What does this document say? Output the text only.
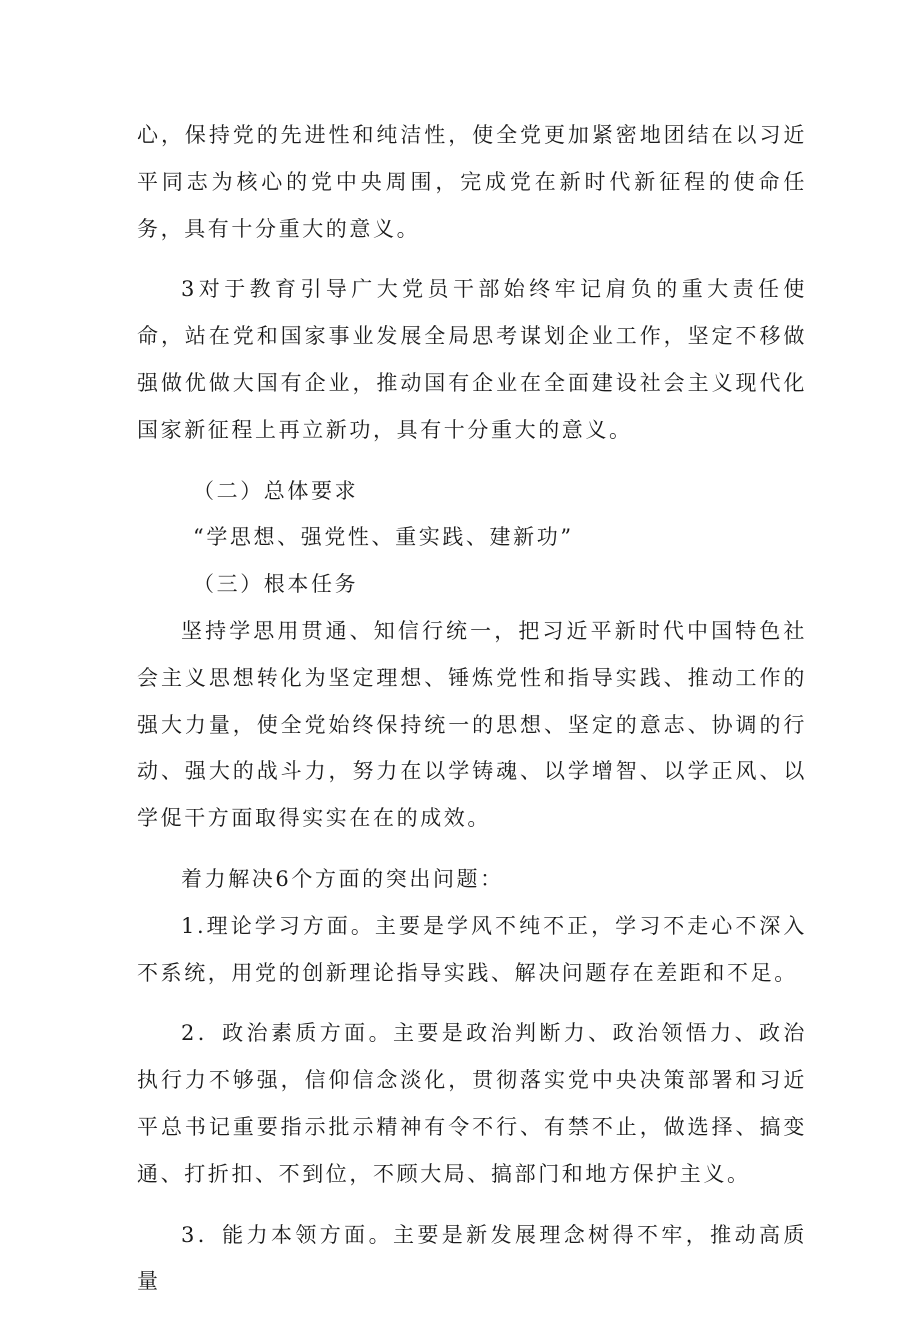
心，保持党的先进性和纯洁性，使全党更加紧密地团结在以习近平同志为核心的党中央周围，完成党在新时代新征程的使命任务，具有十分重大的意义。

3对于教育引导广大党员干部始终牢记肩负的重大责任使命，站在党和国家事业发展全局思考谋划企业工作，坚定不移做强做优做大国有企业，推动国有企业在全面建设社会主义现代化国家新征程上再立新功，具有十分重大的意义。

（二）总体要求

“学思想、强党性、重实践、建新功”

（三）根本任务

坚持学思用贯通、知信行统一，把习近平新时代中国特色社会主义思想转化为坚定理想、锤炼党性和指导实践、推动工作的强大力量，使全党始终保持统一的思想、坚定的意志、协调的行动、强大的战斗力，努力在以学铸魂、以学增智、以学正风、以学促干方面取得实实在在的成效。

着力解决6个方面的突出问题：

1.理论学习方面。主要是学风不纯不正，学习不走心不深入不系统，用党的创新理论指导实践、解决问题存在差距和不足。

2．政治素质方面。主要是政治判断力、政治领悟力、政治执行力不够强，信仰信念淡化，贯彻落实党中央决策部署和习近平总书记重要指示批示精神有令不行、有禁不止，做选择、搞变通、打折扣、不到位，不顾大局、搞部门和地方保护主义。

3．能力本领方面。主要是新发展理念树得不牢，推动高质量
